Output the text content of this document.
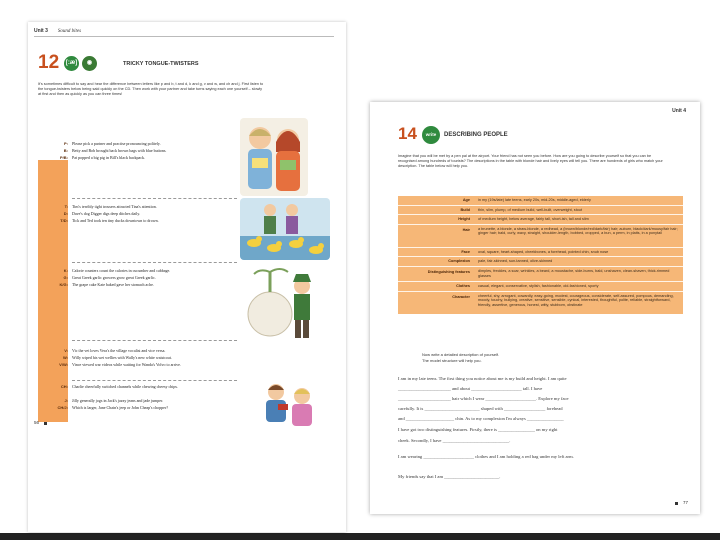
Unit 3 Sound bites
12	[:æ]	◉	TRICKY TONGUE-TWISTERS
It's sometimes difficult to say and hear the difference between letters like p and b, t and d, k and g, v and w, and ch and j. First listen to the tongue-twisters below being said quickly on the CD. Then work with your partner and take turns saying each one yourself – slowly at first and then as quickly as you can three times!
P: Please pick a partner and practise pronouncing politely.
B: Betty and Bob brought back brown bags with blue buttons.
P/B: Pat popped a big pig in Bill's black backpack.
T: Tim's terribly tight trousers attracted Tina's attention.
D: Dave's dog Digger digs deep ditches daily.
T/D: Tick and Ted took ten tiny ducks downtown to drown.
K: Calorie counters count the calories in cucumber and cabbage.
G: Great Greek garlic growers grow great Greek garlic.
K/G: The grape cake Kate baked gave her stomach ache.
V: Vic the vet loves Vera's the village vocalist and vice versa.
W: Willy wiped his wet wellies with Wally's new white waistcoat.
V/W: Vince viewed war videos while waiting for Wanda's Volvo to arrive.
CH: Charlie cheerfully switched channels while chewing cheesy chips.
J: Jilly generally jogs in Jack's jazzy jeans and jade jumper.
CH/J: Which is larger, Jane Chain's jeep or John Cheap's chopper?
56
Unit 4
14	write	DESCRIBING PEOPLE
Imagine that you will be met by a pen pal at the airport. Your friend has not seen you before. How are you going to describe yourself so that you can be recognised among hundreds of tourists? The descriptions in the table with blonde hair and lively eyes will tell you. There are hundreds of girls who match your description. The table below will help you.
Age in my (19s/late) late teens, early 20s, mid-20s, middle-aged, elderly
Build thin, slim, plump, of medium build, well-built, overweight, stout
Height of medium height, below average, fairly tall, short-ish, tall and slim
Hair a brunette, a blonde, a straw-blonde, a redhead, a (brown/blonde/red/dark/fair) hair; auburn, black/dark/mousy/fair hair; ginger hair; bald, curly, wavy, straight, shoulder-length, bobbed, cropped, a bun, a perm, in plaits, in a ponytail
Face oval, square, heart-shaped, cheekbones, a forehead, pointed chin, snub nose
Complexion pale, fair-skinned, sun-tanned, olive-skinned
Distinguishing features dimples, freckles, a scar, wrinkles, a beard, a moustache, side-burns, bald, unshaven, clean-shaven, thick-rimmed glasses
Clothes casual, elegant, conservative, stylish, fashionable, old-fashioned, sporty
Character cheerful, shy, arrogant, cowardly, easy-going, modest, courageous, considerate, self-assured, pompous, demanding, moody, touchy, bullying, creative, sensitive, sensible, cynical, interested, thoughtful, polite, reliable, straightforward, friendly, assertive, generous, honest, witty, stubborn, obstinate
Now write a detailed description of yourself.
The model structure will help you.
I am in my late teens. The first thing you notice about me is my build and height. I am quite
_______________________ and about ______________________ tall. I have
_______________________ hair which I wear ______________________. Explore my face
carefully. It is ________________________ shaped with __________________ forehead
and _____________________ chin. As to my complexion I'm always ________________
I have got two distinguishing features. Firstly, there is ________________ on my right
cheek. Secondly, I have _____________________________.
I am wearing ______________________ clothes and I am holding a red bag under my left arm.
My friends say that I am ________________________.
77
